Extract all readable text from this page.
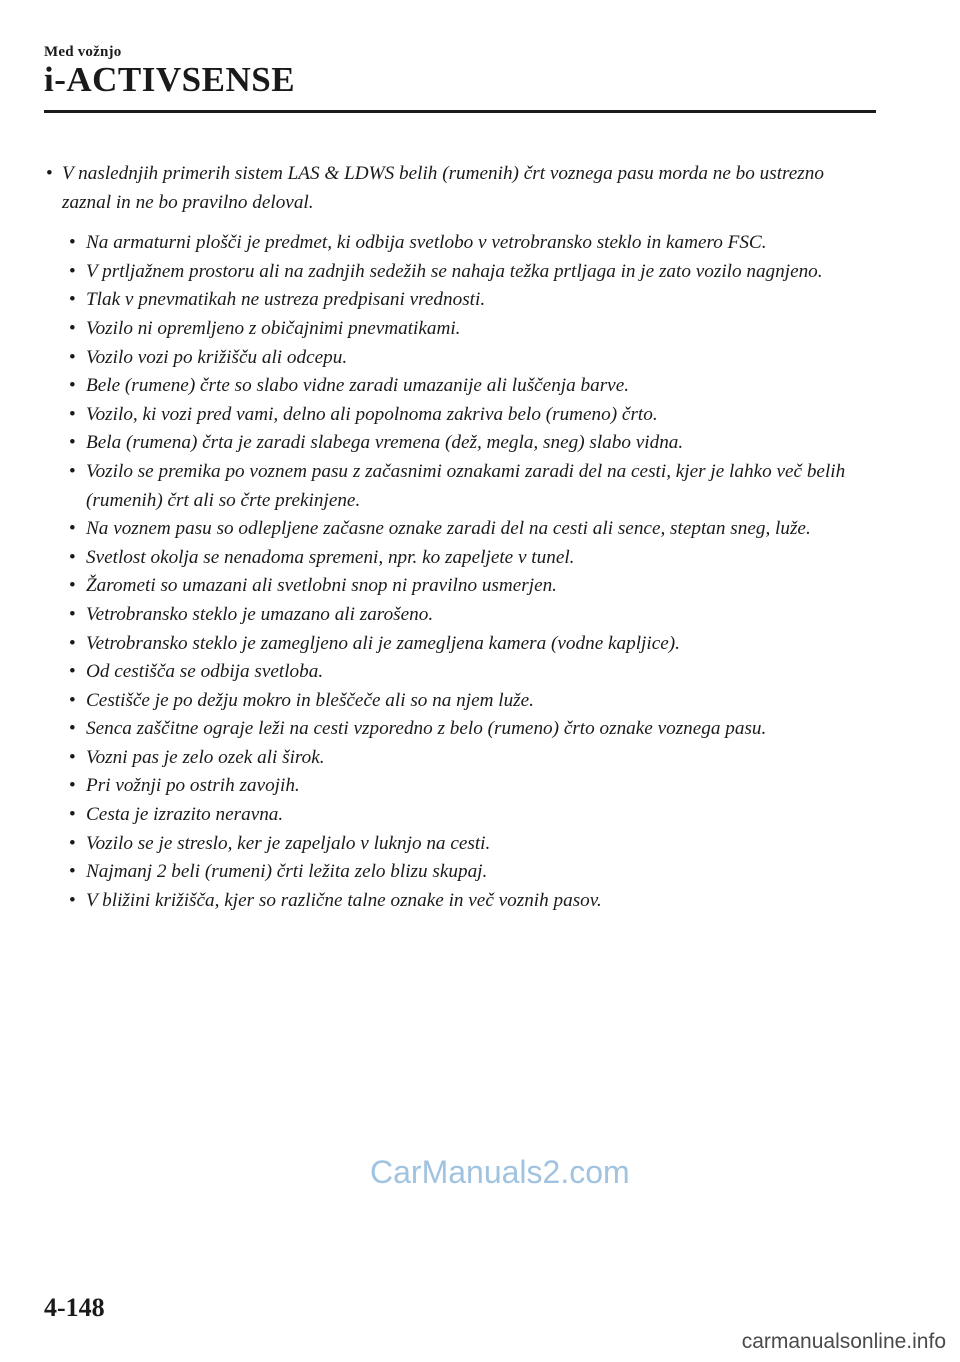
Med vožnjo
i-ACTIVSENSE
• V naslednjih primerih sistem LAS & LDWS belih (rumenih) črt voznega pasu morda ne bo ustrezno zaznal in ne bo pravilno deloval.
• Na armaturni plošči je predmet, ki odbija svetlobo v vetrobransko steklo in kamero FSC.
• V prtljažnem prostoru ali na zadnjih sedežih se nahaja težka prtljaga in je zato vozilo nagnjeno.
• Tlak v pnevmatikah ne ustreza predpisani vrednosti.
• Vozilo ni opremljeno z običajnimi pnevmatikami.
• Vozilo vozi po križišču ali odcepu.
• Bele (rumene) črte so slabo vidne zaradi umazanije ali luščenja barve.
• Vozilo, ki vozi pred vami, delno ali popolnoma zakriva belo (rumeno) črto.
• Bela (rumena) črta je zaradi slabega vremena (dež, megla, sneg) slabo vidna.
• Vozilo se premika po voznem pasu z začasnimi oznakami zaradi del na cesti, kjer je lahko več belih (rumenih) črt ali so črte prekinjene.
• Na voznem pasu so odlepljene začasne oznake zaradi del na cesti ali sence, steptan sneg, luže.
• Svetlost okolja se nenadoma spremeni, npr. ko zapeljete v tunel.
• Žarometi so umazani ali svetlobni snop ni pravilno usmerjen.
• Vetrobransko steklo je umazano ali zarošeno.
• Vetrobransko steklo je zamegljeno ali je zamegljena kamera (vodne kapljice).
• Od cestišča se odbija svetloba.
• Cestišče je po dežju mokro in bleščeče ali so na njem luže.
• Senca zaščitne ograje leži na cesti vzporedno z belo (rumeno) črto oznake voznega pasu.
• Vozni pas je zelo ozek ali širok.
• Pri vožnji po ostrih zavojih.
• Cesta je izrazito neravna.
• Vozilo se je streslo, ker je zapeljalo v luknjo na cesti.
• Najmanj 2 beli (rumeni) črti ležita zelo blizu skupaj.
• V bližini križišča, kjer so različne talne oznake in več voznih pasov.
4-148
CarManuals2.com
carmanualsonline.info
